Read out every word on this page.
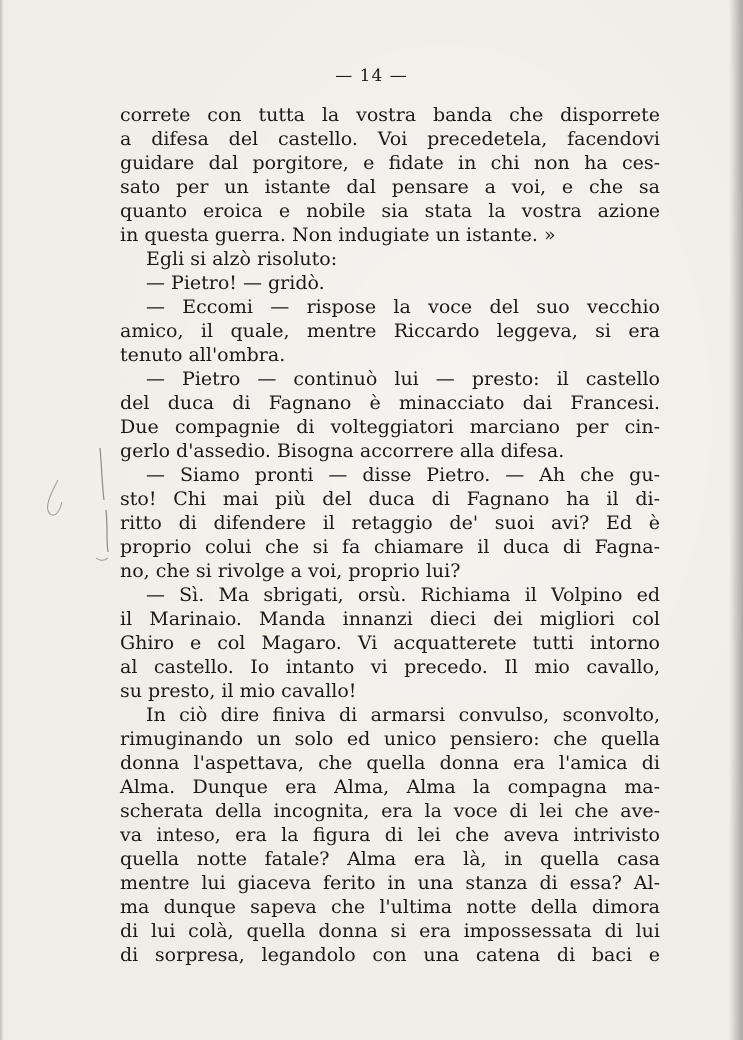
— 14 —
correte con tutta la vostra banda che disporrete
a difesa del castello. Voi precedetela, facendovi
guidare dal porgitore, e fidate in chi non ha ces-
sato per un istante dal pensare a voi, e che sa
quanto eroica e nobile sia stata la vostra azione
in questa guerra. Non indugiate un istante. »
Egli si alzò risoluto:
— Pietro! — gridò.
— Eccomi — rispose la voce del suo vecchio
amico, il quale, mentre Riccardo leggeva, si era
tenuto all'ombra.
— Pietro — continuò lui — presto: il castello
del duca di Fagnano è minacciato dai Francesi.
Due compagnie di volteggiatori marciano per cin-
gerlo d'assedio. Bisogna accorrere alla difesa.
— Siamo pronti — disse Pietro. — Ah che gu-
sto! Chi mai più del duca di Fagnano ha il di-
ritto di difendere il retaggio de' suoi avi? Ed è
proprio colui che si fa chiamare il duca di Fagna-
no, che si rivolge a voi, proprio lui?
— Sì. Ma sbrigati, orsù. Richiama il Volpino ed
il Marinaio. Manda innanzi dieci dei migliori col
Ghiro e col Magaro. Vi acquatterete tutti intorno
al castello. Io intanto vi precedo. Il mio cavallo,
su presto, il mio cavallo!
In ciò dire finiva di armarsi convulso, sconvolto,
rimuginando un solo ed unico pensiero: che quella
donna l'aspettava, che quella donna era l'amica di
Alma. Dunque era Alma, Alma la compagna ma-
scherata della incognita, era la voce di lei che ave-
va inteso, era la figura di lei che aveva intrivisto
quella notte fatale? Alma era là, in quella casa
mentre lui giaceva ferito in una stanza di essa? Al-
ma dunque sapeva che l'ultima notte della dimora
di lui colà, quella donna si era impossessata di lui
di sorpresa, legandolo con una catena di baci e
